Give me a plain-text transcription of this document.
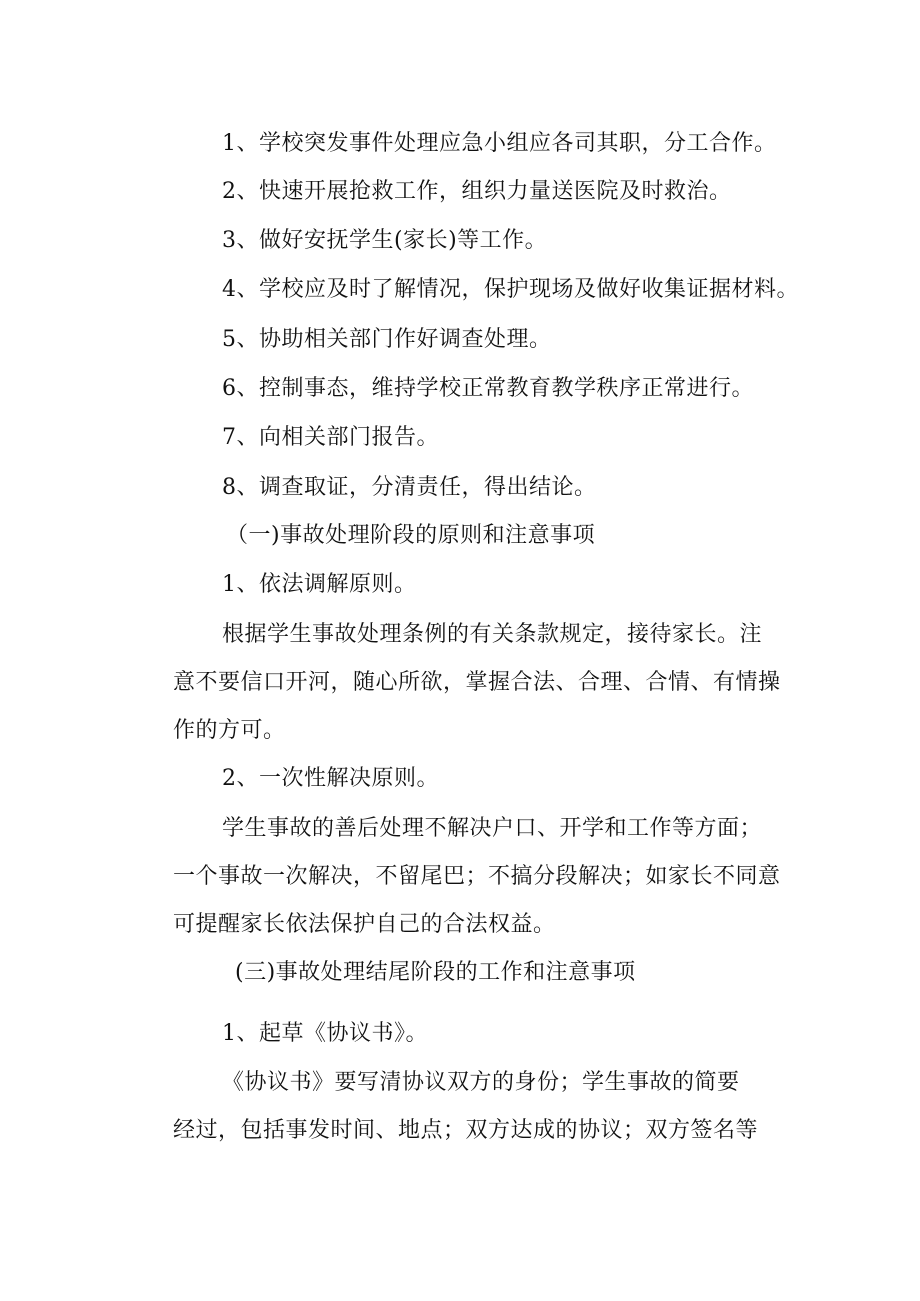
1、学校突发事件处理应急小组应各司其职，分工合作。

2、快速开展抢救工作，组织力量送医院及时救治。

3、做好安抚学生(家长)等工作。

4、学校应及时了解情况，保护现场及做好收集证据材料。

5、协助相关部门作好调查处理。

6、控制事态，维持学校正常教育教学秩序正常进行。

7、向相关部门报告。

8、调查取证，分清责任，得出结论。

（一)事故处理阶段的原则和注意事项

1、依法调解原则。

根据学生事故处理条例的有关条款规定，接待家长。注

意不要信口开河，随心所欲，掌握合法、合理、合情、有情操

作的方可。

2、一次性解决原则。

学生事故的善后处理不解决户口、开学和工作等方面；

一个事故一次解决，不留尾巴；不搞分段解决；如家长不同意

可提醒家长依法保护自己的合法权益。

(三)事故处理结尾阶段的工作和注意事项

1、起草《协议书》。

《协议书》要写清协议双方的身份；学生事故的简要

经过，包括事发时间、地点；双方达成的协议；双方签名等
